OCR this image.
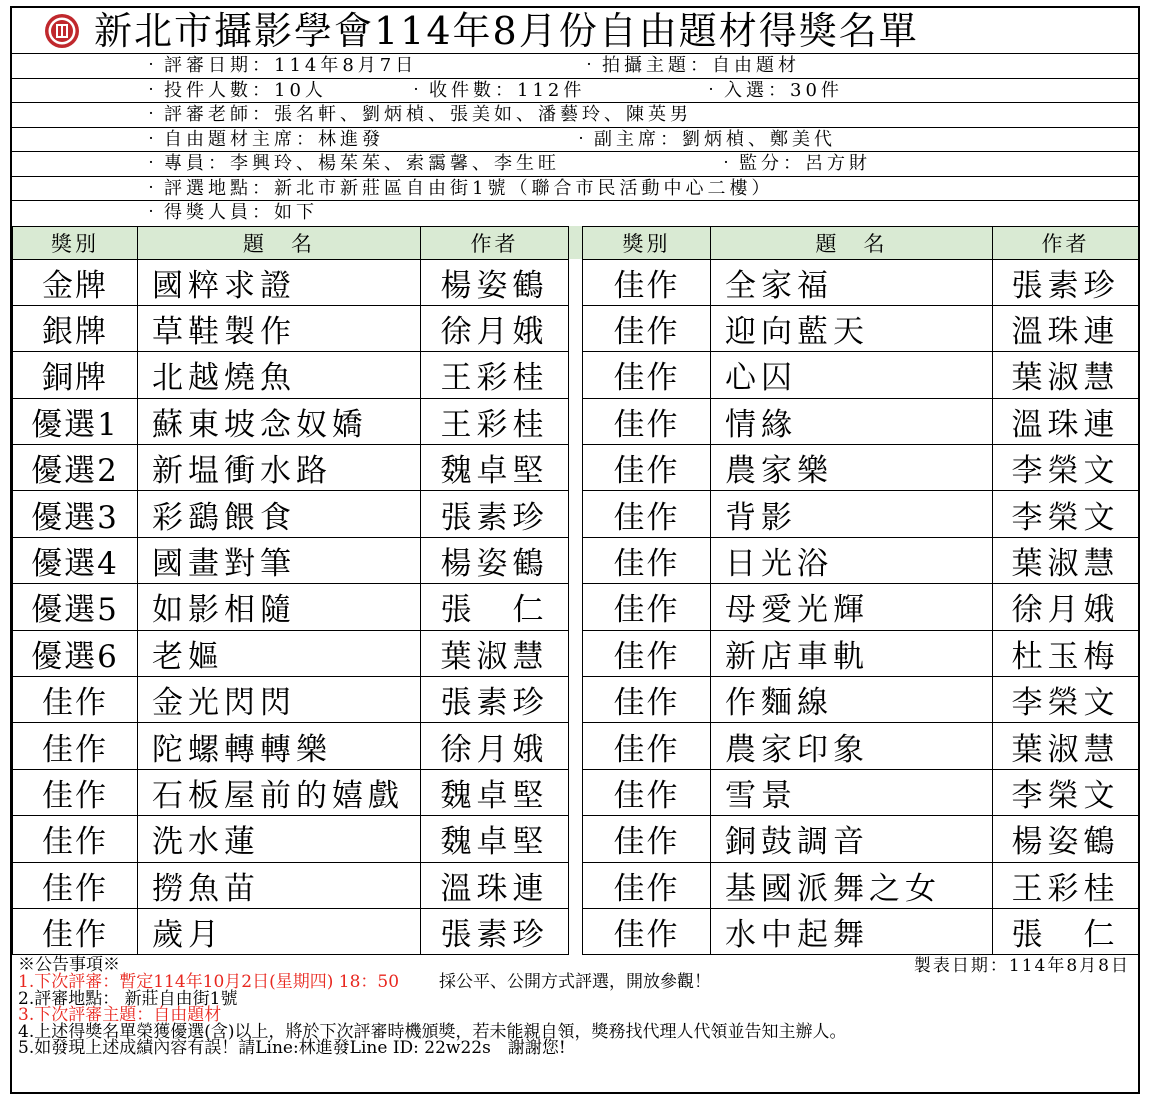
新北市攝影學會114年8月份自由題材得獎名單
‧評審日期：114年8月7日	‧拍攝主題：自由題材
‧投件人數：10人	‧收件數：112件	‧入選：30件
‧評審老師：張名軒、劉炳楨、張美如、潘藝玲、陳英男
‧自由題材主席：林進發	‧副主席：劉炳楨、鄭美代
‧專員：李興玲、楊茱茱、索靄馨、李生旺	‧監分：呂方財
‧評選地點：新北市新莊區自由街1號（聯合市民活動中心二樓）
‧得獎人員：如下
獎別	題　名	作者		獎別	題　名	作者
金牌	國粹求證	楊姿鶴		佳作	全家福	張素珍
銀牌	草鞋製作	徐月娥		佳作	迎向藍天	溫珠連
銅牌	北越燒魚	王彩桂		佳作	心囚	葉淑慧
優選1	蘇東坡念奴嬌	王彩桂		佳作	情緣	溫珠連
優選2	新塭衝水路	魏卓堅		佳作	農家樂	李榮文
優選3	彩鷂餵食	張素珍		佳作	背影	李榮文
優選4	國畫對筆	楊姿鶴		佳作	日光浴	葉淑慧
優選5	如影相隨	張　仁		佳作	母愛光輝	徐月娥
優選6	老嫗	葉淑慧		佳作	新店車軌	杜玉梅
佳作	金光閃閃	張素珍		佳作	作麵線	李榮文
佳作	陀螺轉轉樂	徐月娥		佳作	農家印象	葉淑慧
佳作	石板屋前的嬉戲	魏卓堅		佳作	雪景	李榮文
佳作	洗水蓮	魏卓堅		佳作	銅鼓調音	楊姿鶴
佳作	撈魚苗	溫珠連		佳作	基國派舞之女	王彩桂
佳作	歲月	張素珍		佳作	水中起舞	張　仁
※公告事項※	製表日期：114年8月8日
1.下次評審：暫定114年10月2日(星期四) 18：50 採公平、公開方式評選，開放參觀！
2.評審地點： 新莊自由街1號
3.下次評審主題：自由題材
4.上述得獎名單榮獲優選(含)以上，將於下次評審時機頒獎，若未能親自領，獎務找代理人代領並告知主辦人。
5.如發現上述成績內容有誤！請Line:林進發Line ID: 22w22s　謝謝您!
